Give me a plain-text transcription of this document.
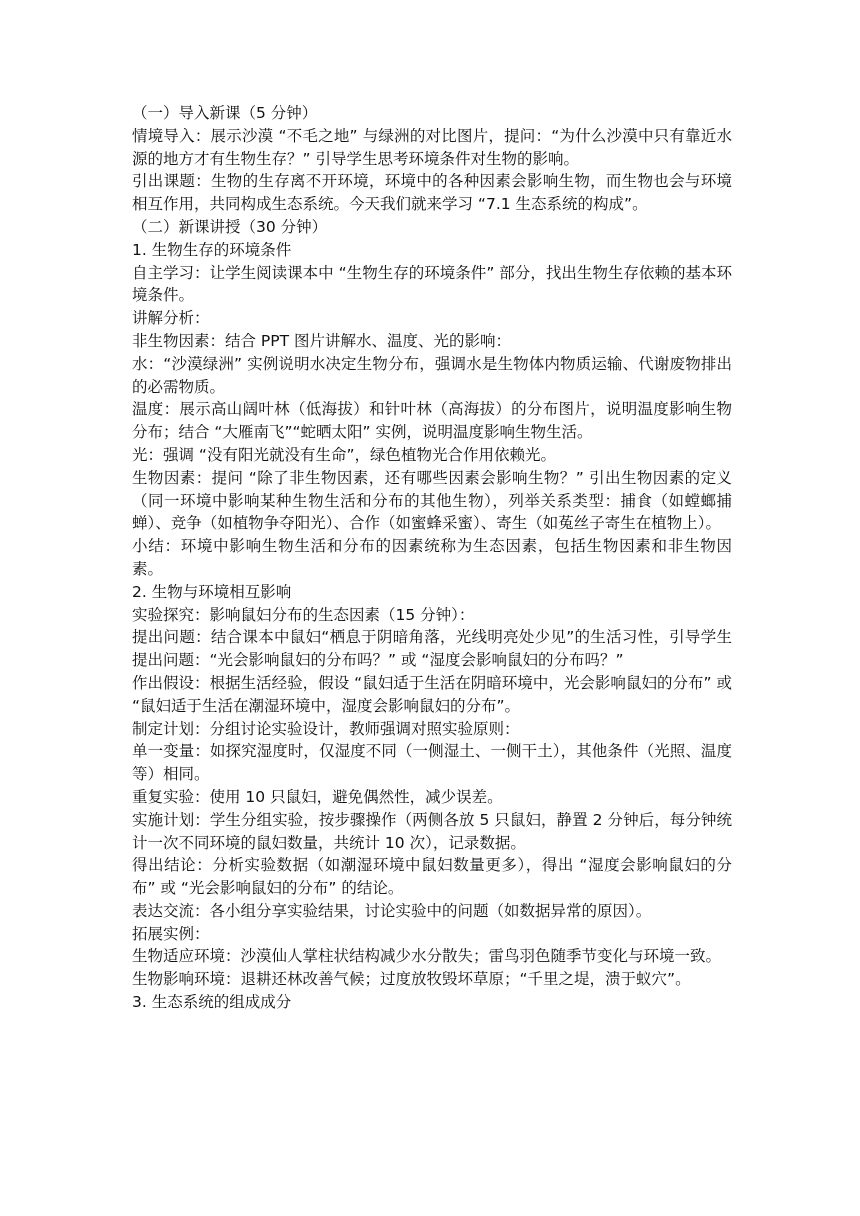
（一）导入新课（5 分钟）

情境导入：展示沙漠 “不毛之地” 与绿洲的对比图片，提问：“为什么沙漠中只有靠近水源的地方才有生物生存？” 引导学生思考环境条件对生物的影响。

引出课题：生物的生存离不开环境，环境中的各种因素会影响生物，而生物也会与环境相互作用，共同构成生态系统。今天我们就来学习 “7.1 生态系统的构成”。

（二）新课讲授（30 分钟）

1. 生物生存的环境条件

自主学习：让学生阅读课本中 “生物生存的环境条件” 部分，找出生物生存依赖的基本环境条件。

讲解分析：

非生物因素：结合 PPT 图片讲解水、温度、光的影响：

水：“沙漠绿洲” 实例说明水决定生物分布，强调水是生物体内物质运输、代谢废物排出的必需物质。

温度：展示高山阔叶林（低海拔）和针叶林（高海拔）的分布图片，说明温度影响生物分布；结合 “大雁南飞”“蛇晒太阳” 实例，说明温度影响生物生活。

光：强调 “没有阳光就没有生命”，绿色植物光合作用依赖光。

生物因素：提问 “除了非生物因素，还有哪些因素会影响生物？” 引出生物因素的定义（同一环境中影响某种生物生活和分布的其他生物），列举关系类型：捕食（如螳螂捕蝉）、竞争（如植物争夺阳光）、合作（如蜜蜂采蜜）、寄生（如菟丝子寄生在植物上）。

小结：环境中影响生物生活和分布的因素统称为生态因素，包括生物因素和非生物因素。

2. 生物与环境相互影响

实验探究：影响鼠妇分布的生态因素（15 分钟）：

提出问题：结合课本中鼠妇“栖息于阴暗角落，光线明亮处少见”的生活习性，引导学生提出问题：“光会影响鼠妇的分布吗？” 或 “湿度会影响鼠妇的分布吗？”

作出假设：根据生活经验，假设 “鼠妇适于生活在阴暗环境中，光会影响鼠妇的分布” 或 “鼠妇适于生活在潮湿环境中，湿度会影响鼠妇的分布”。

制定计划：分组讨论实验设计，教师强调对照实验原则：

单一变量：如探究湿度时，仅湿度不同（一侧湿土、一侧干土），其他条件（光照、温度等）相同。

重复实验：使用 10 只鼠妇，避免偶然性，减少误差。

实施计划：学生分组实验，按步骤操作（两侧各放 5 只鼠妇，静置 2 分钟后，每分钟统计一次不同环境的鼠妇数量，共统计 10 次），记录数据。

得出结论：分析实验数据（如潮湿环境中鼠妇数量更多），得出 “湿度会影响鼠妇的分布” 或 “光会影响鼠妇的分布” 的结论。

表达交流：各小组分享实验结果，讨论实验中的问题（如数据异常的原因）。

拓展实例：

生物适应环境：沙漠仙人掌柱状结构减少水分散失；雷鸟羽色随季节变化与环境一致。

生物影响环境：退耕还林改善气候；过度放牧毁坏草原；“千里之堤，溃于蚁穴”。

3. 生态系统的组成成分
